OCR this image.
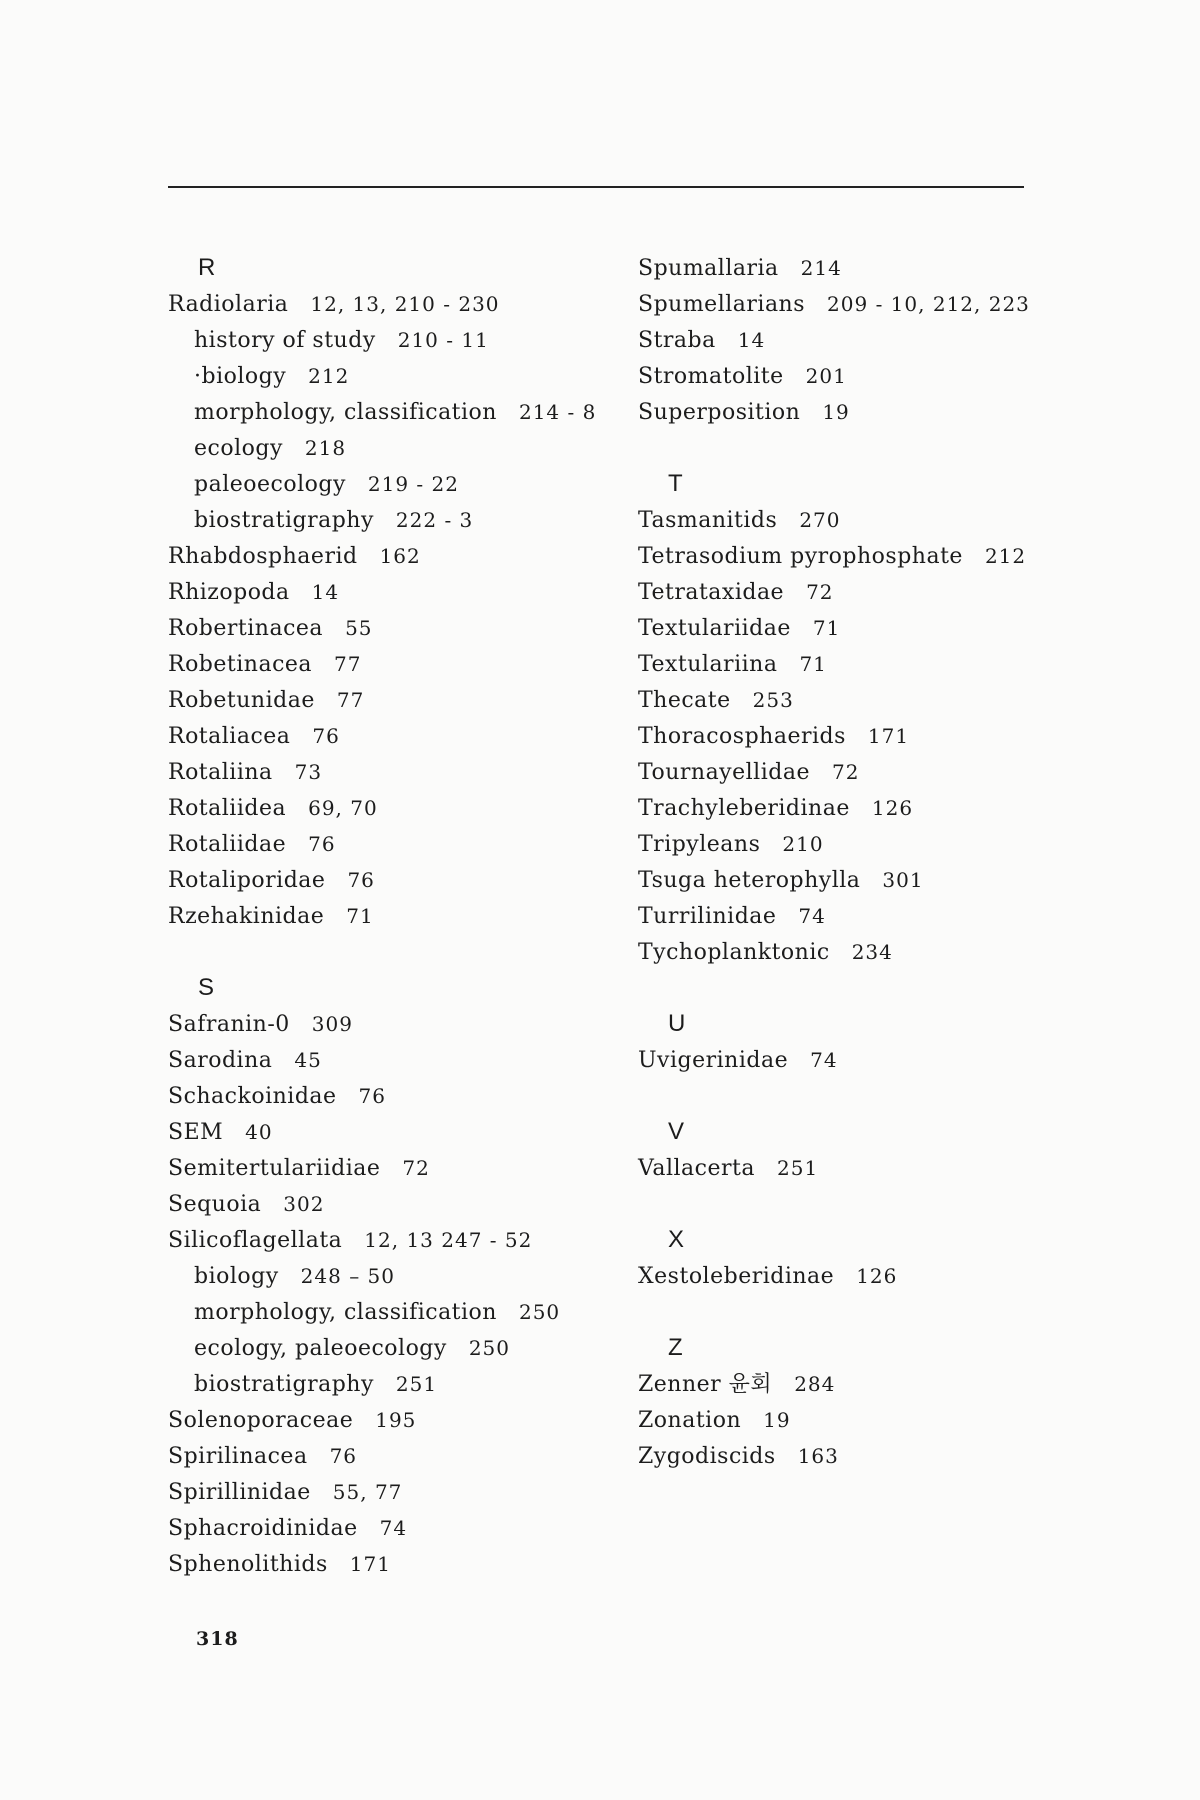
R
Radiolaria 12, 13, 210 - 230
history of study 210 - 11
·biology 212
morphology, classification 214 - 8
ecology 218
paleoecology 219 - 22
biostratigraphy 222 - 3
Rhabdosphaerid 162
Rhizopoda 14
Robertinacea 55
Robetinacea 77
Robetunidae 77
Rotaliacea 76
Rotaliina 73
Rotaliidea 69, 70
Rotaliidae 76
Rotaliporidae 76
Rzehakinidae 71
S
Safranin-0 309
Sarodina 45
Schackoinidae 76
SEM 40
Semitertulariidiae 72
Sequoia 302
Silicoflagellata 12, 13 247 - 52
biology 248 – 50
morphology, classification 250
ecology, paleoecology 250
biostratigraphy 251
Solenoporaceae 195
Spirilinacea 76
Spirillinidae 55, 77
Sphacroidinidae 74
Sphenolithids 171
Spumallaria 214
Spumellarians 209 - 10, 212, 223
Straba 14
Stromatolite 201
Superposition 19
T
Tasmanitids 270
Tetrasodium pyrophosphate 212
Tetrataxidae 72
Textulariidae 71
Textulariina 71
Thecate 253
Thoracosphaerids 171
Tournayellidae 72
Trachyleberidinae 126
Tripyleans 210
Tsuga heterophylla 301
Turrilinidae 74
Tychoplanktonic 234
U
Uvigerinidae 74
V
Vallacerta 251
X
Xestoleberidinae 126
Z
Zenner 윤회 284
Zonation 19
Zygodiscids 163
318
